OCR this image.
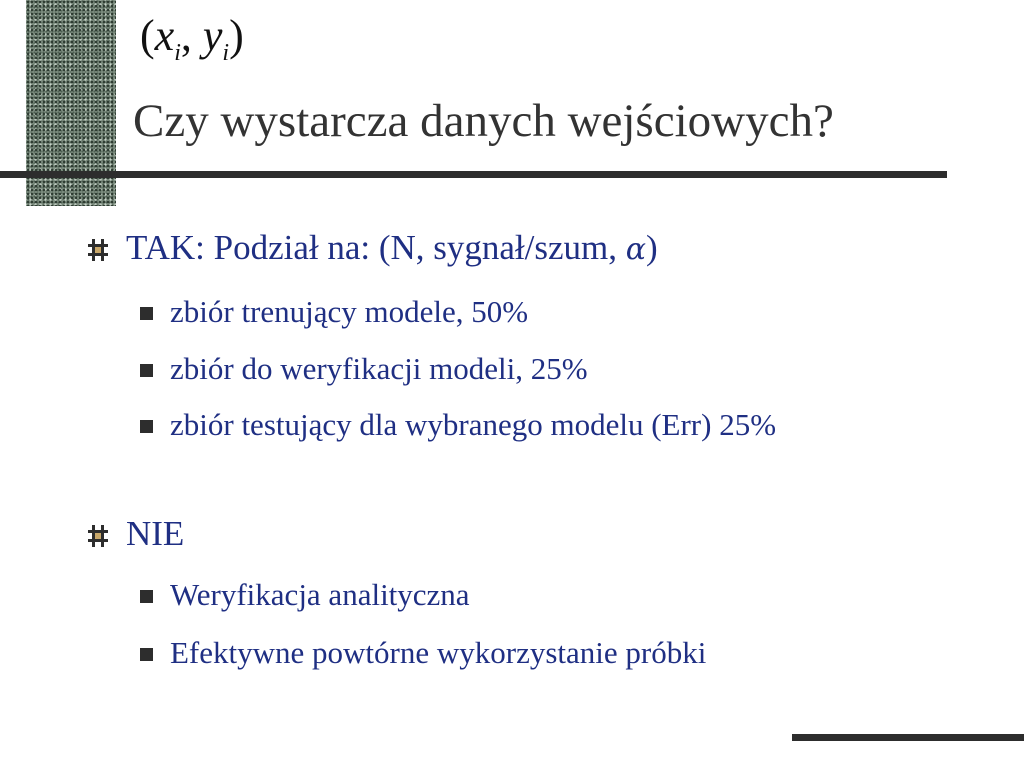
($x_i$, $y_i$)
Czy wystarcza danych wejściowych?
TAK: Podział na: (N, sygnał/szum, α)
zbiór trenujący modele, 50%
zbiór do weryfikacji modeli, 25%
zbiór testujący dla wybranego modelu (Err) 25%
NIE
Weryfikacja analityczna
Efektywne powtórne wykorzystanie próbki
